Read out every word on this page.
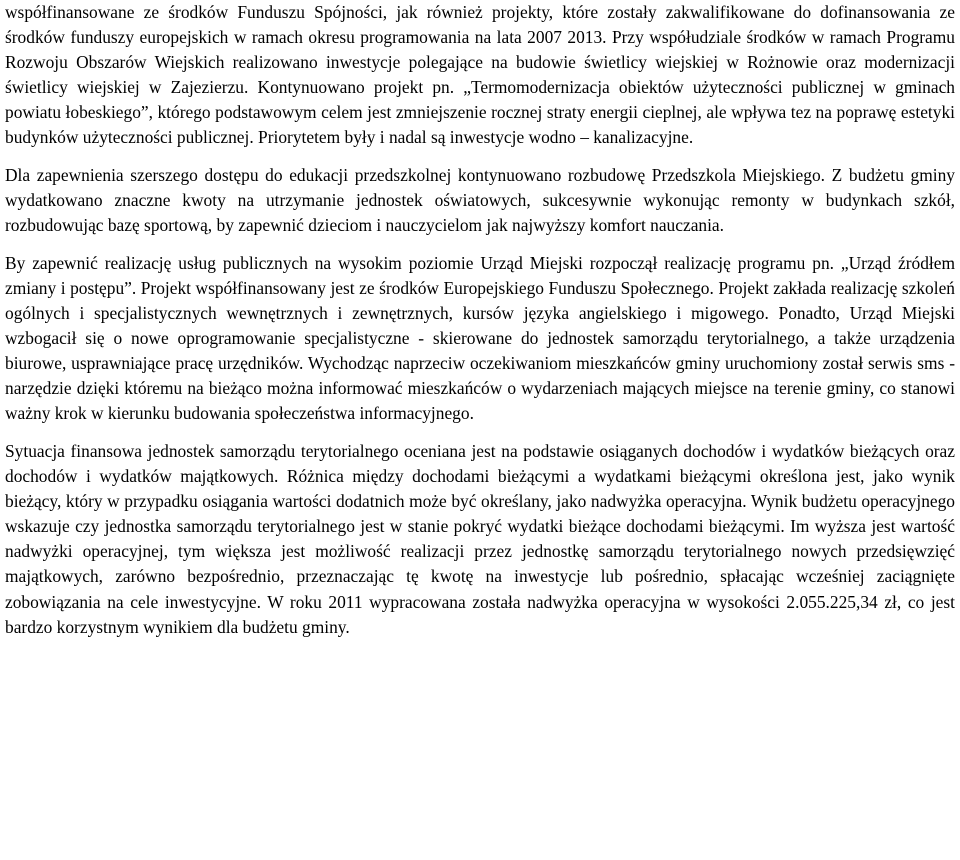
współfinansowane ze środków Funduszu Spójności, jak również projekty, które zostały zakwalifikowane do dofinansowania ze środków funduszy europejskich w ramach okresu programowania na lata 2007 2013. Przy współudziale środków w ramach Programu Rozwoju Obszarów Wiejskich realizowano inwestycje polegające na budowie świetlicy wiejskiej w Rożnowie oraz modernizacji świetlicy wiejskiej w Zajezierzu. Kontynuowano projekt pn. „Termomodernizacja obiektów użyteczności publicznej w gminach powiatu łobeskiego”, którego podstawowym celem jest zmniejszenie rocznej straty energii cieplnej, ale wpływa tez na poprawę estetyki budynków użyteczności publicznej. Priorytetem były i nadal są inwestycje wodno – kanalizacyjne.

Dla zapewnienia szerszego dostępu do edukacji przedszkolnej kontynuowano rozbudowę Przedszkola Miejskiego. Z budżetu gminy wydatkowano znaczne kwoty na utrzymanie jednostek oświatowych, sukcesywnie wykonując remonty w budynkach szkół, rozbudowując bazę sportową, by zapewnić dzieciom i nauczycielom jak najwyższy komfort nauczania.

By zapewnić realizację usług publicznych na wysokim poziomie Urząd Miejski rozpoczął realizację programu pn. „Urząd źródłem zmiany i postępu”. Projekt współfinansowany jest ze środków Europejskiego Funduszu Społecznego. Projekt zakłada realizację szkoleń ogólnych i specjalistycznych wewnętrznych i zewnętrznych, kursów języka angielskiego i migowego. Ponadto, Urząd Miejski wzbogacił się o nowe oprogramowanie specjalistyczne - skierowane do jednostek samorządu terytorialnego, a także urządzenia biurowe, usprawniające pracę urzędników. Wychodząc naprzeciw oczekiwaniom mieszkańców gminy uruchomiony został serwis sms - narzędzie dzięki któremu na bieżąco można informować mieszkańców o wydarzeniach mających miejsce na terenie gminy, co stanowi ważny krok w kierunku budowania społeczeństwa informacyjnego.

Sytuacja finansowa jednostek samorządu terytorialnego oceniana jest na podstawie osiąganych dochodów i wydatków bieżących oraz dochodów i wydatków majątkowych. Różnica między dochodami bieżącymi a wydatkami bieżącymi określona jest, jako wynik bieżący, który w przypadku osiągania wartości dodatnich może być określany, jako nadwyżka operacyjna. Wynik budżetu operacyjnego wskazuje czy jednostka samorządu terytorialnego jest w stanie pokryć wydatki bieżące dochodami bieżącymi. Im wyższa jest wartość nadwyżki operacyjnej, tym większa jest możliwość realizacji przez jednostkę samorządu terytorialnego nowych przedsięwzięć majątkowych, zarówno bezpośrednio, przeznaczając tę kwotę na inwestycje lub pośrednio, spłacając wcześniej zaciągnięte zobowiązania na cele inwestycyjne. W roku 2011 wypracowana została nadwyżka operacyjna w wysokości 2.055.225,34 zł, co jest bardzo korzystnym wynikiem dla budżetu gminy.
